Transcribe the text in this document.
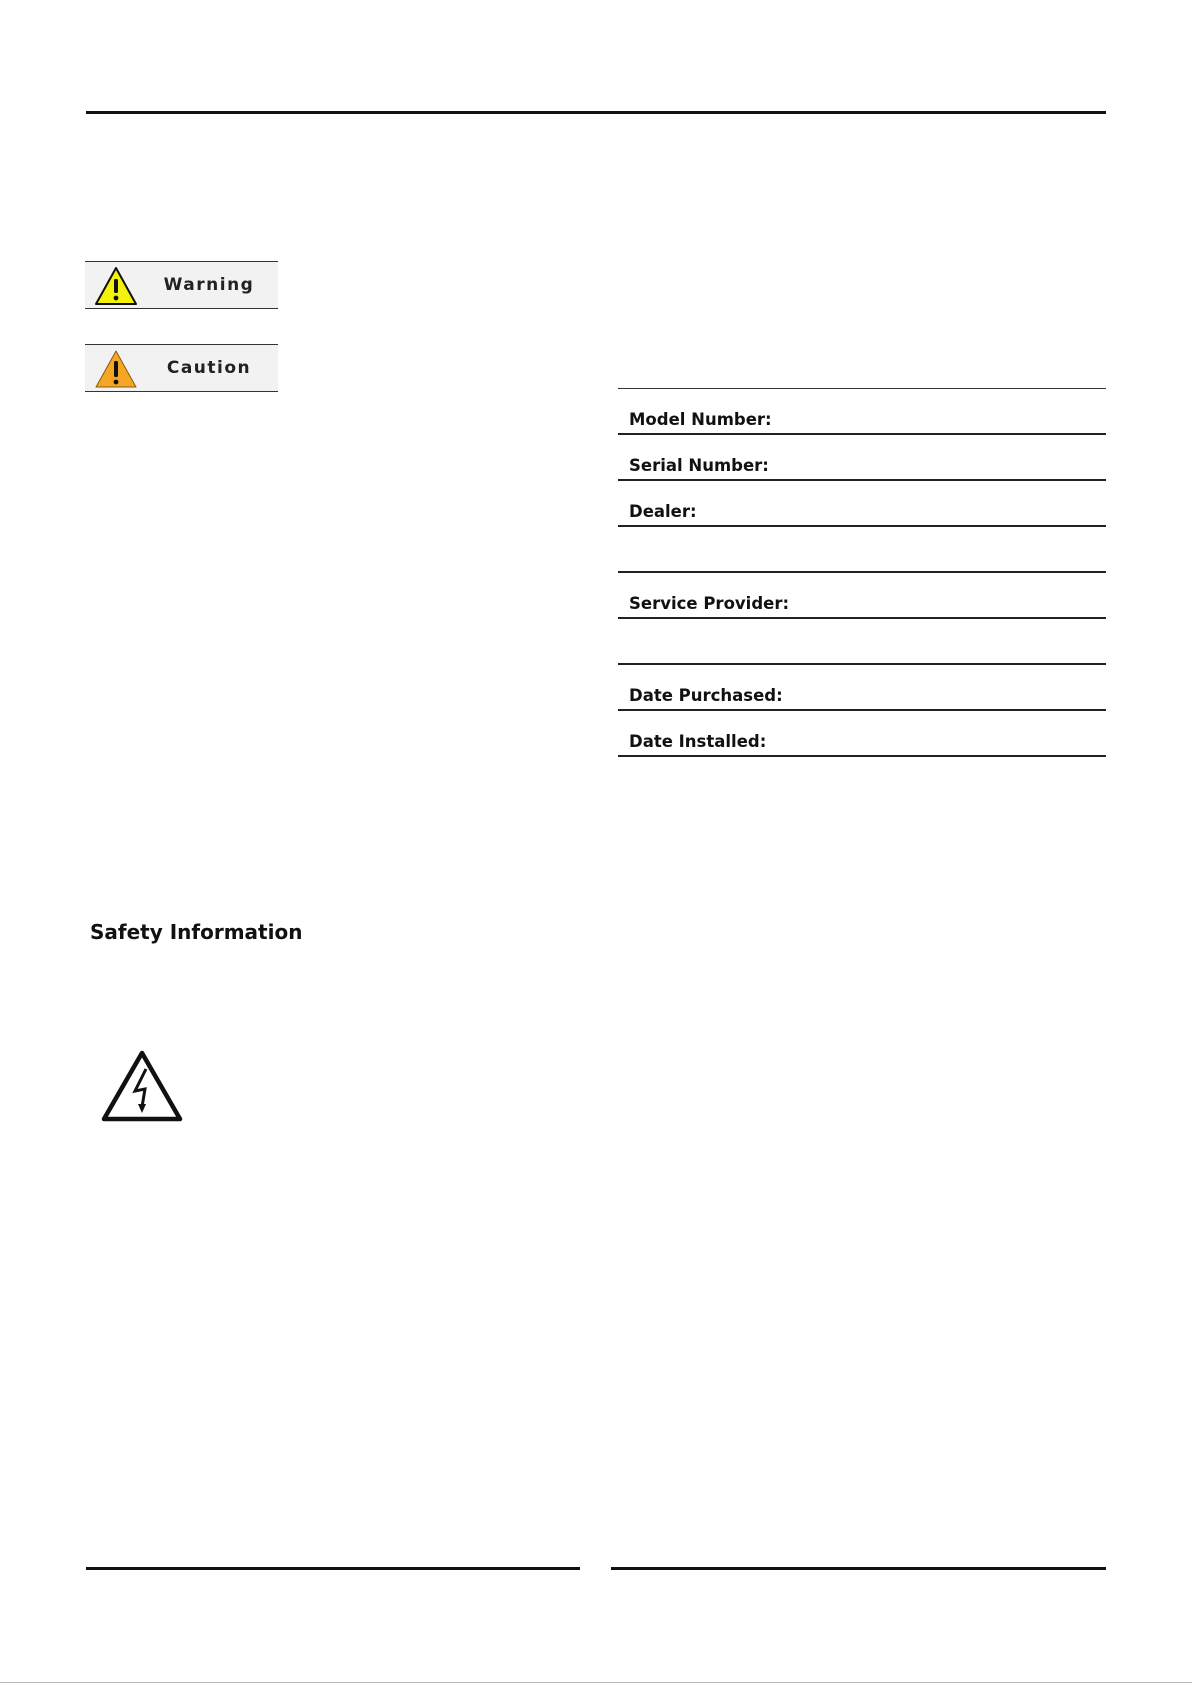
Warning
Caution
Model Number:
Serial Number:
Dealer:
Service Provider:
Date Purchased:
Date Installed:
Safety Information
